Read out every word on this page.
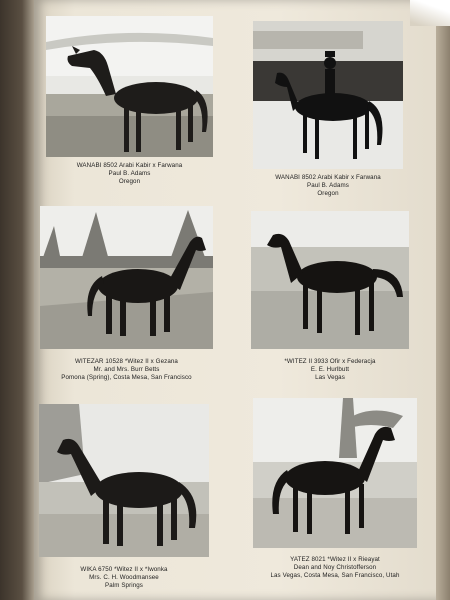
WANABI 8502 Arabi Kabir x Farwana
Paul B. Adams
Oregon
WANABI 8502 Arabi Kabir x Farwana
Paul B. Adams
Oregon
WITEZAR 10528 *Witez II x Gezana
Mr. and Mrs. Burr Betts
Pomona (Spring), Costa Mesa, San Francisco
*WITEZ II 3933 Ofir x Federacja
E. E. Hurlbutt
Las Vegas
WIKA 6750 *Witez II x *Iwonka
Mrs. C. H. Woodmansee
Palm Springs
YATEZ 8021 *Witez II x Rieayat
Dean and Noy Christofferson
Las Vegas, Costa Mesa, San Francisco, Utah
